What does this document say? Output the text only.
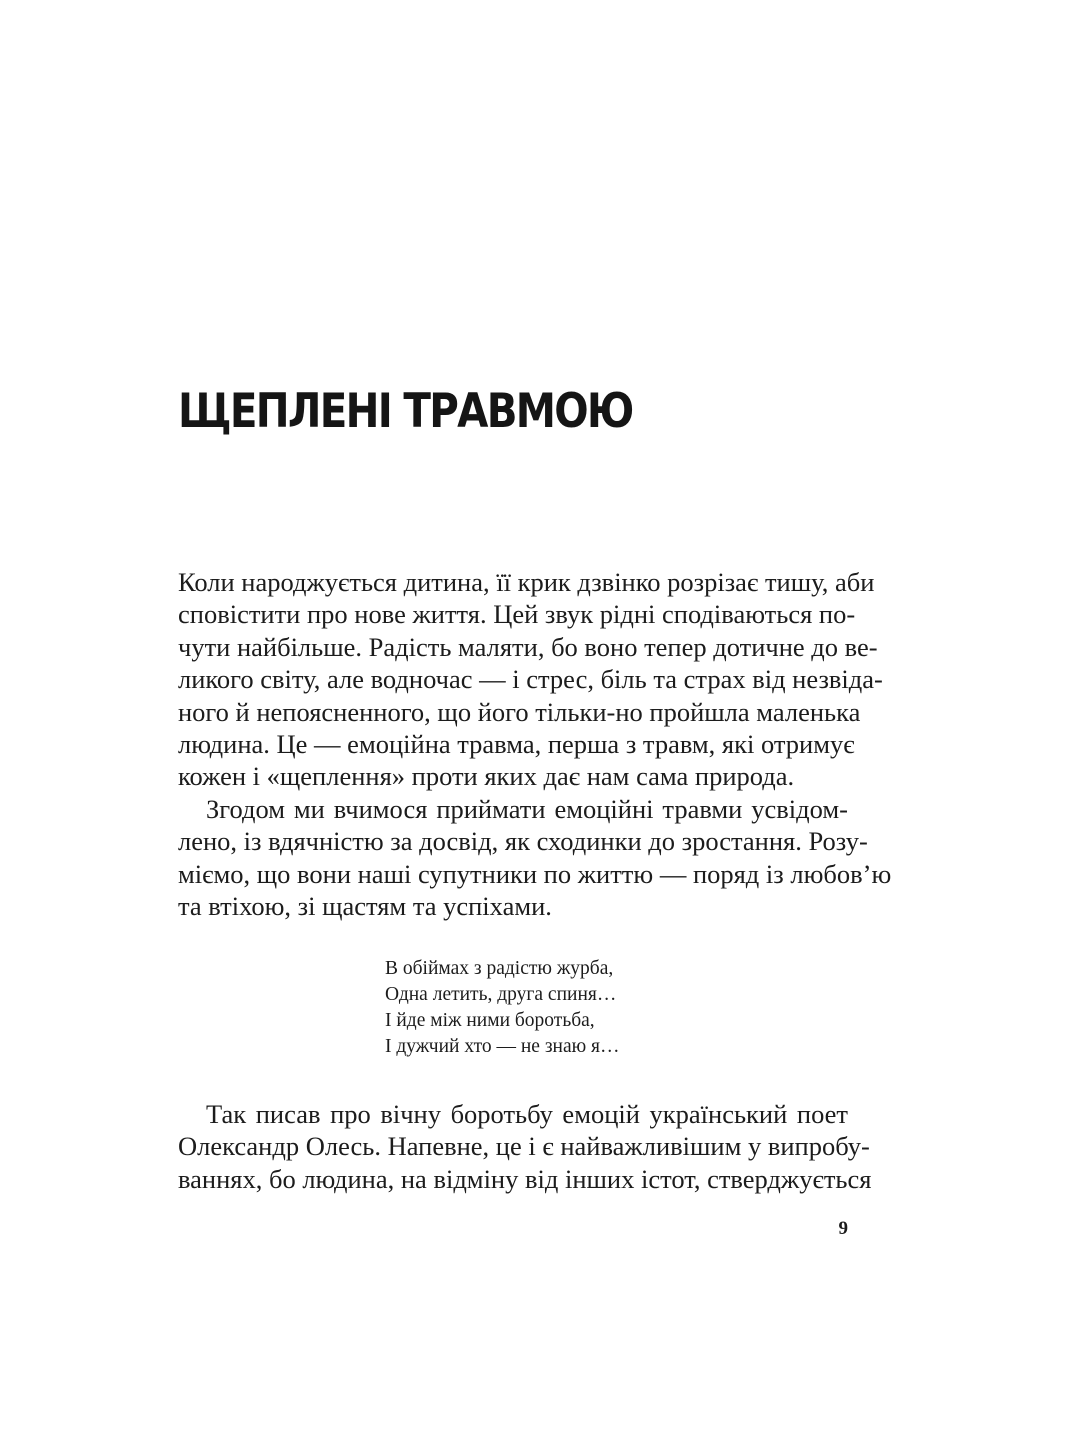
ЩЕПЛЕНІ ТРАВМОЮ
Коли народжується дитина, її крик дзвінко розрізає тишу, аби
сповістити про нове життя. Цей звук рідні сподіваються по-
чути найбільше. Радість маляти, бо воно тепер дотичне до ве-
ликого світу, але водночас — і стрес, біль та страх від незвіда-
ного й непоясненного, що його тільки-но пройшла маленька
людина. Це — емоційна травма, перша з травм, які отримує
кожен і «щеплення» проти яких дає нам сама природа.
Згодом ми вчимося приймати емоційні травми усвідом-
лено, із вдячністю за досвід, як сходинки до зростання. Розу-
міємо, що вони наші супутники по життю — поряд із любов’ю
та втіхою, зі щастям та успіхами.
В обіймах з радістю журба,
Одна летить, друга спиня…
І йде між ними боротьба,
І дужчий хто — не знаю я…
Так писав про вічну боротьбу емоцій український поет
Олександр Олесь. Напевне, це і є найважливішим у випробу-
ваннях, бо людина, на відміну від інших істот, стверджується
9
